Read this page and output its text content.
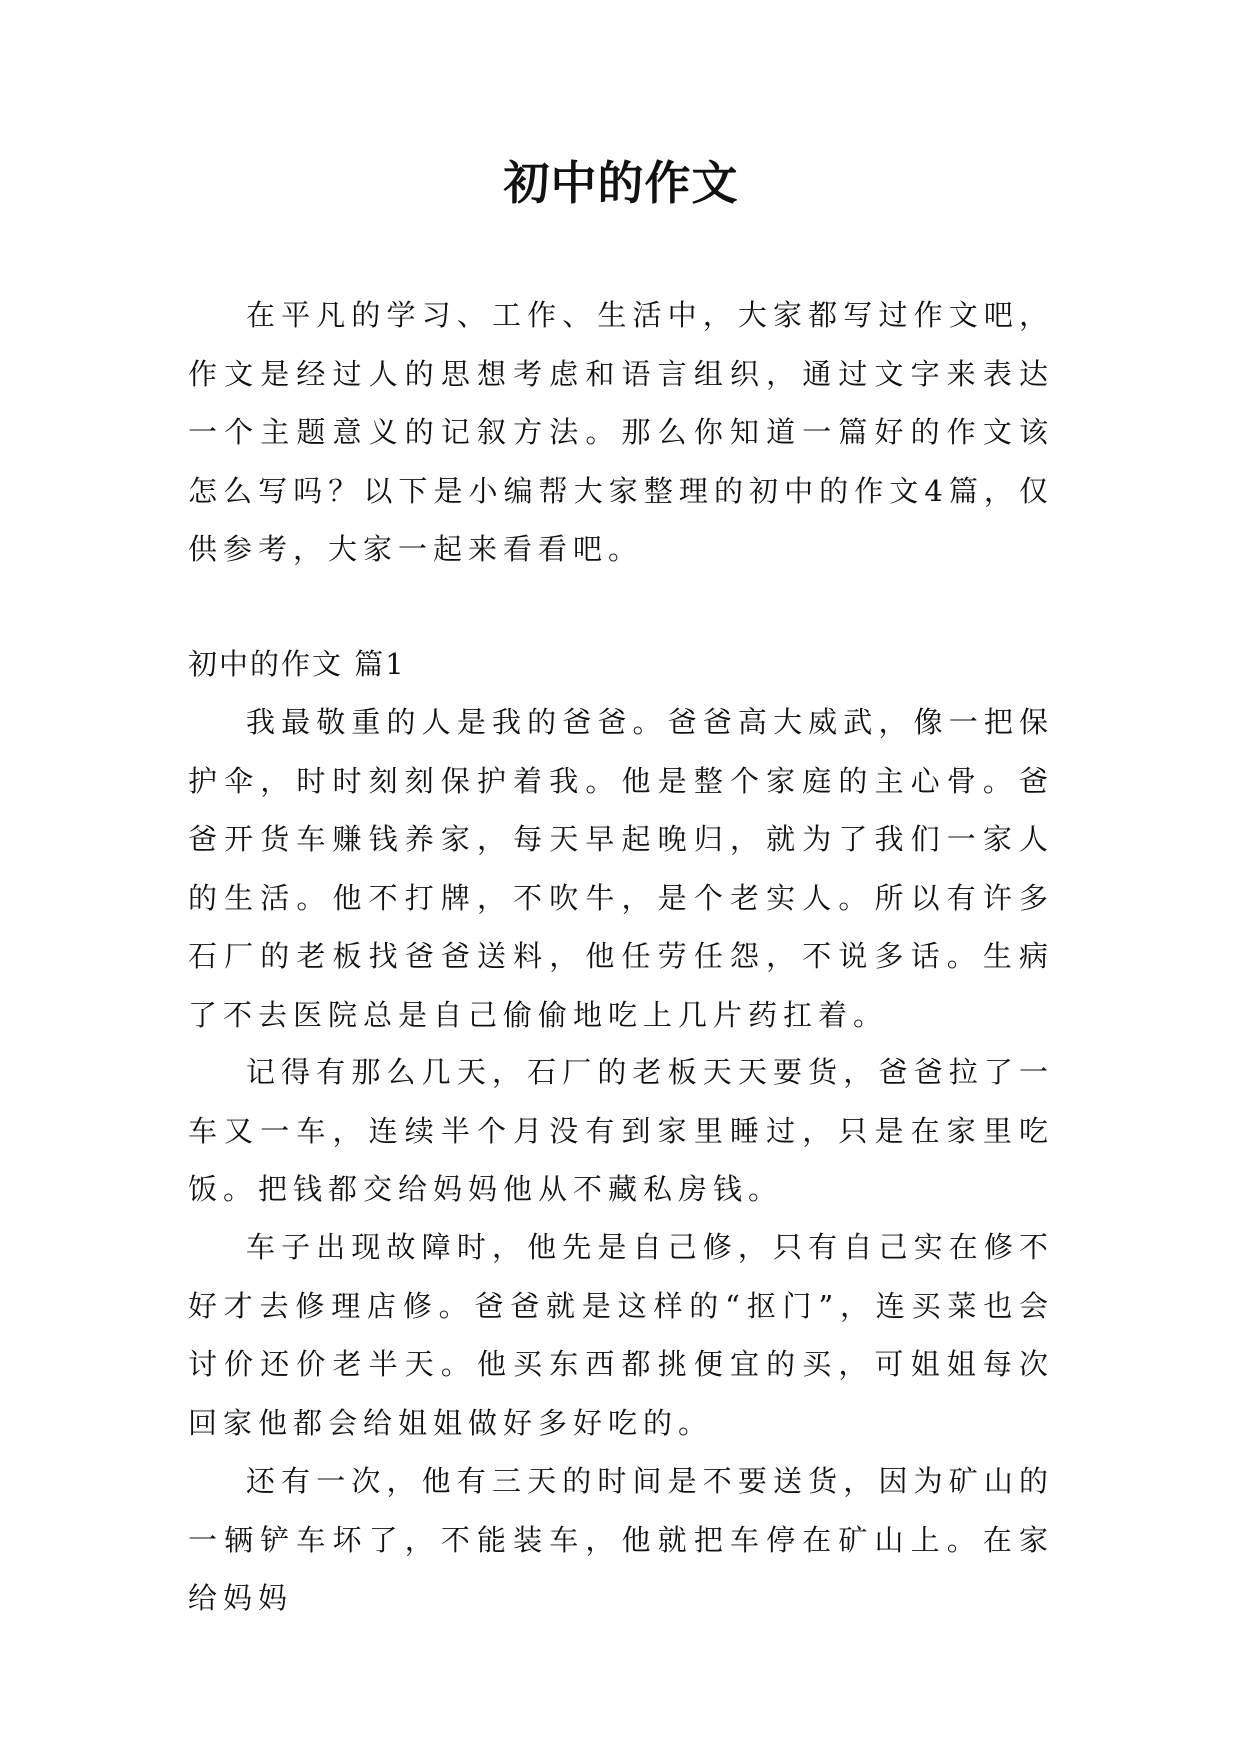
初中的作文

在平凡的学习、工作、生活中，大家都写过作文吧，作文是经过人的思想考虑和语言组织，通过文字来表达一个主题意义的记叙方法。那么你知道一篇好的作文该怎么写吗？以下是小编帮大家整理的初中的作文4篇，仅供参考，大家一起来看看吧。

初中的作文 篇1

我最敬重的人是我的爸爸。爸爸高大威武，像一把保护伞，时时刻刻保护着我。他是整个家庭的主心骨。爸爸开货车赚钱养家，每天早起晚归，就为了我们一家人的生活。他不打牌，不吹牛，是个老实人。所以有许多石厂的老板找爸爸送料，他任劳任怨，不说多话。生病了不去医院总是自己偷偷地吃上几片药扛着。

记得有那么几天，石厂的老板天天要货，爸爸拉了一车又一车，连续半个月没有到家里睡过，只是在家里吃饭。把钱都交给妈妈他从不藏私房钱。

车子出现故障时，他先是自己修，只有自己实在修不好才去修理店修。爸爸就是这样的“抠门”，连买菜也会讨价还价老半天。他买东西都挑便宜的买，可姐姐每次回家他都会给姐姐做好多好吃的。

还有一次，他有三天的时间是不要送货，因为矿山的一辆铲车坏了，不能装车，他就把车停在矿山上。在家给妈妈
